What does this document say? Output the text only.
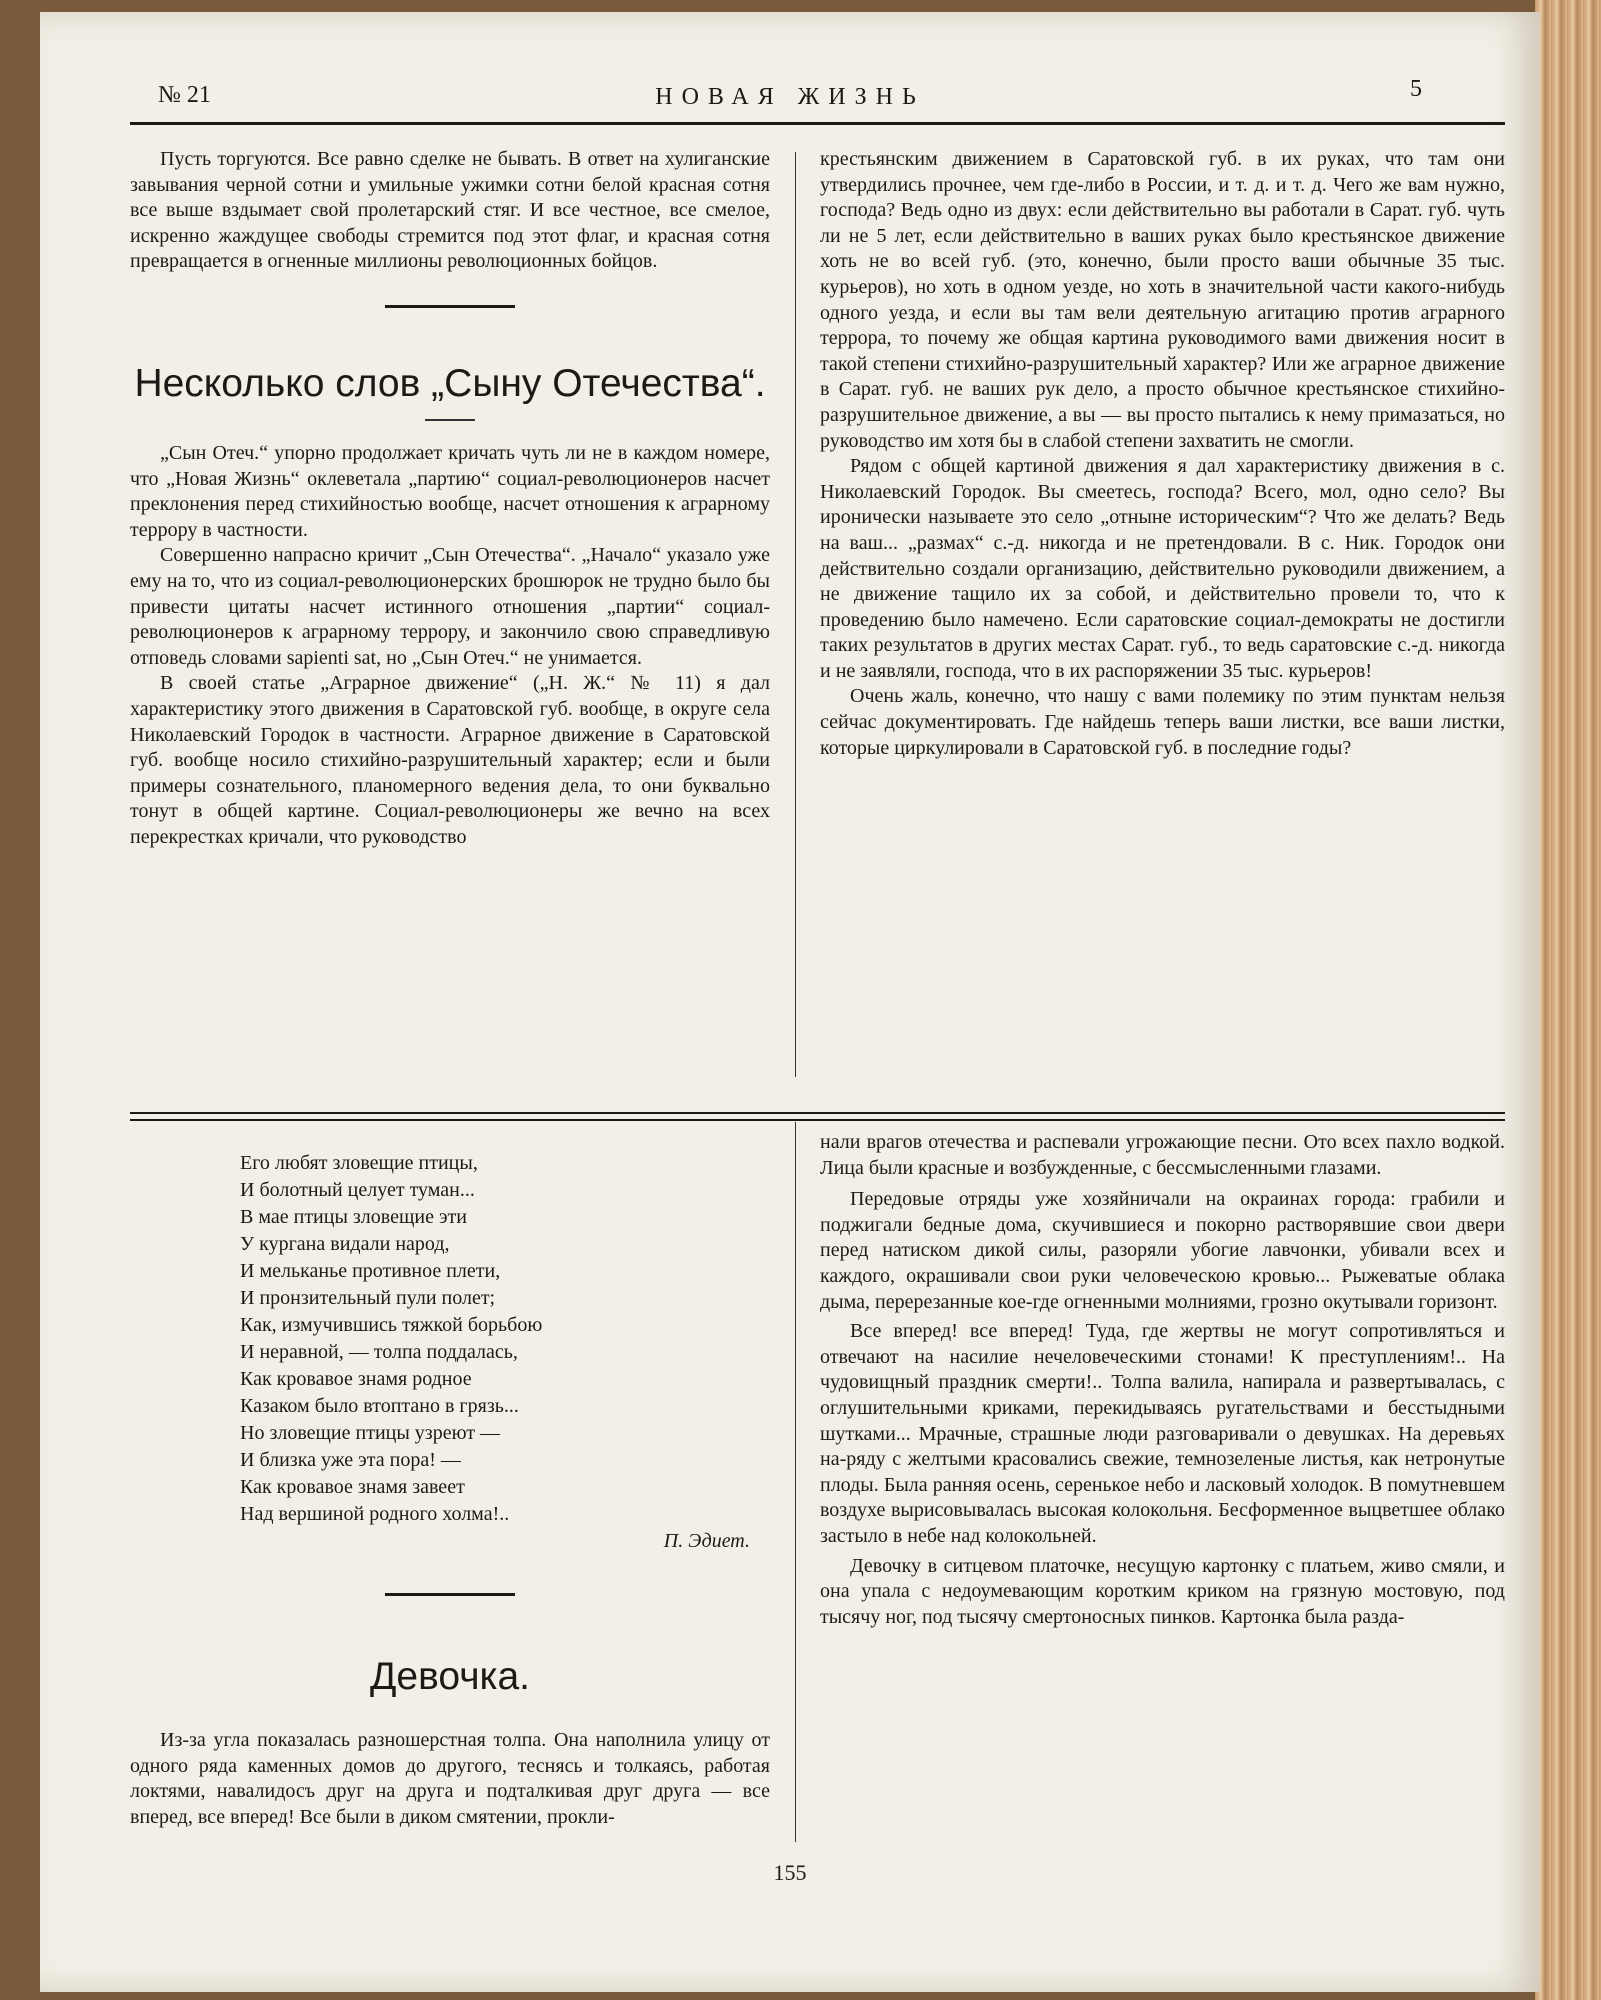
№ 21	НОВАЯ ЖИЗНЬ	5

Пусть торгуются. Все равно сделке не бывать. В ответ на хулиганские завывания черной сотни и умильные ужимки сотни белой красная сотня все выше вздымает свой пролетарский стяг. И все честное, все смелое, искренно жаждущее свободы стремится под этот флаг, и красная сотня превращается в огненные миллионы революционных бойцов.

Несколько слов „Сыну Отечества“.

„Сын Отеч.“ упорно продолжает кричать чуть ли не в каждом номере, что „Новая Жизнь“ оклеветала „партию“ социал-революционеров насчет преклонения перед стихийностью вообще, насчет отношения к аграрному террору в частности.

Совершенно напрасно кричит „Сын Отечества“. „Начало“ указало уже ему на то, что из социал-революционерских брошюрок не трудно было бы привести цитаты насчет истинного отношения „партии“ социал-революционеров к аграрному террору, и закончило свою справедливую отповедь словами sapienti sat, но „Сын Отеч.“ не унимается.

В своей статье „Аграрное движение“ („Н. Ж.“ № 11) я дал характеристику этого движения в Саратовской губ. вообще, в округе села Николаевский Городок в частности. Аграрное движение в Саратовской губ. вообще носило стихийно-разрушительный характер; если и были примеры сознательного, планомерного ведения дела, то они буквально тонут в общей картине. Социал-революционеры же вечно на всех перекрестках кричали, что руководство

крестьянским движением в Саратовской губ. в их руках, что там они утвердились прочнее, чем где-либо в России, и т. д. и т. д. Чего же вам нужно, господа? Ведь одно из двух: если действительно вы работали в Сарат. губ. чуть ли не 5 лет, если действительно в ваших руках было крестьянское движение хоть не во всей губ. (это, конечно, были просто ваши обычные 35 тыс. курьеров), но хоть в одном уезде, но хоть в значительной части какого-нибудь одного уезда, и если вы там вели деятельную агитацию против аграрного террора, то почему же общая картина руководимого вами движения носит в такой степени стихийно-разрушительный характер? Или же аграрное движение в Сарат. губ. не ваших рук дело, а просто обычное крестьянское стихийно-разрушительное движение, а вы — вы просто пытались к нему примазаться, но руководство им хотя бы в слабой степени захватить не смогли.

Рядом с общей картиной движения я дал характеристику движения в с. Николаевский Городок. Вы смеетесь, господа? Всего, мол, одно село? Вы иронически называете это село „отныне историческим“? Что же делать? Ведь на ваш... „размах“ с.-д. никогда и не претендовали. В с. Ник. Городок они действительно создали организацию, действительно руководили движением, а не движение тащило их за собой, и действительно провели то, что к проведению было намечено. Если саратовские социал-демократы не достигли таких результатов в других местах Сарат. губ., то ведь саратовские с.-д. никогда и не заявляли, господа, что в их распоряжении 35 тыс. курьеров!

Очень жаль, конечно, что нашу с вами полемику по этим пунктам нельзя сейчас документировать. Где найдешь теперь ваши листки, все ваши листки, которые циркулировали в Саратовской губ. в последние годы?

Его любят зловещие птицы,
И болотный целует туман...
В мае птицы зловещие эти
У кургана видали народ,
И мельканье противное плети,
И пронзительный пули полет;
Как, измучившись тяжкой борьбою
И неравной, — толпа поддалась,
Как кровавое знамя родное
Казаком было втоптано в грязь...
Но зловещие птицы узреют —
И близка уже эта пора! —
Как кровавое знамя завеет
Над вершиной родного холма!..
П. Эдиет.
Девочка.

Из-за угла показалась разношерстная толпа. Она наполнила улицу от одного ряда каменных домов до другого, теснясь и толкаясь, работая локтями, навалидосъ друг на друга и подталкивая друг друга — все вперед, все вперед! Все были в диком смятении, прокли-

нали врагов отечества и распевали угрожающие песни. Ото всех пахло водкой. Лица были красные и возбужденные, с бессмысленными глазами.

Передовые отряды уже хозяйничали на окраинах города: грабили и поджигали бедные дома, скучившиеся и покорно растворявшие свои двери перед натиском дикой силы, разоряли убогие лавчонки, убивали всех и каждого, окрашивали свои руки человеческою кровью... Рыжеватые облака дыма, перерезанные кое-где огненными молниями, грозно окутывали горизонт.

Все вперед! все вперед! Туда, где жертвы не могут сопротивляться и отвечают на насилие нечеловеческими стонами! К преступлениям!.. На чудовищный праздник смерти!.. Толпа валила, напирала и развертывалась, с оглушительными криками, перекидываясь ругательствами и бесстыдными шутками... Мрачные, страшные люди разговаривали о девушках. На деревьях на-ряду с желтыми красовались свежие, темнозеленые листья, как нетронутые плоды. Была ранняя осень, серенькое небо и ласковый холодок. В помутневшем воздухе вырисовывалась высокая колокольня. Бесформенное выцветшее облако застыло в небе над колокольней.

Девочку в ситцевом платочке, несущую картонку с платьем, живо смяли, и она упала с недоумевающим коротким криком на грязную мостовую, под тысячу ног, под тысячу смертоносных пинков. Картонка была разда-

155
